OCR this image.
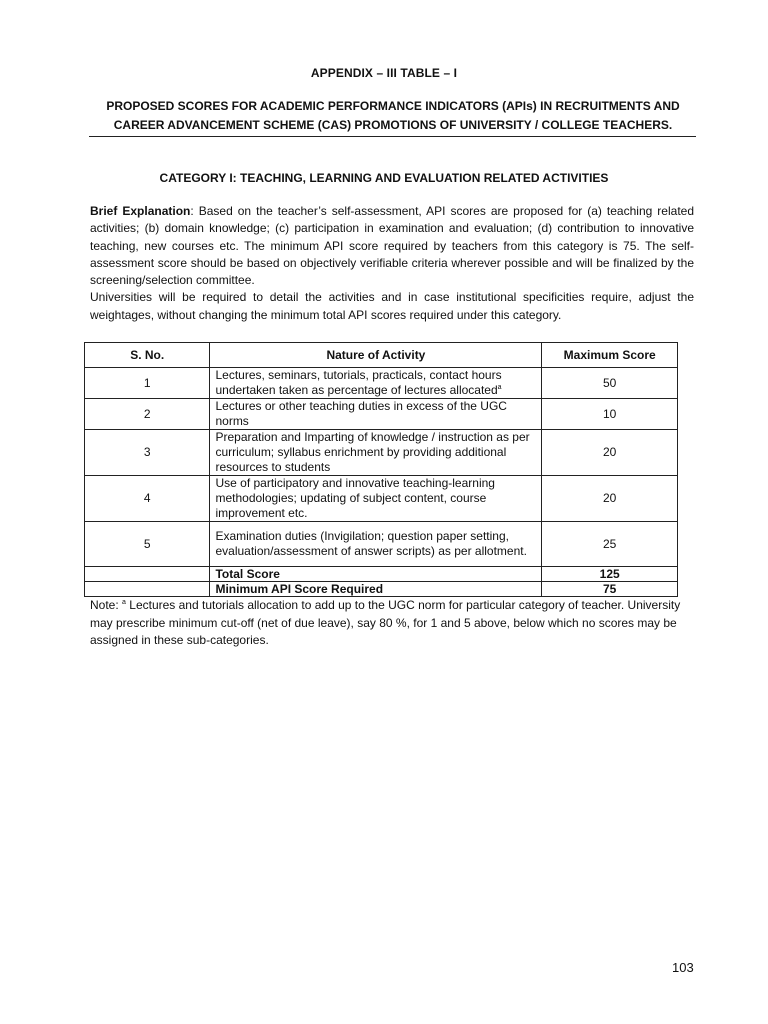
APPENDIX – III TABLE – I
PROPOSED SCORES FOR ACADEMIC PERFORMANCE INDICATORS (APIs) IN RECRUITMENTS AND
CAREER ADVANCEMENT SCHEME (CAS) PROMOTIONS OF UNIVERSITY / COLLEGE TEACHERS.
CATEGORY I: TEACHING, LEARNING AND EVALUATION RELATED ACTIVITIES

Brief Explanation: Based on the teacher’s self-assessment, API scores are proposed for (a) teaching related activities; (b) domain knowledge; (c) participation in examination and evaluation; (d) contribution to innovative teaching, new courses etc. The minimum API score required by teachers from this category is 75. The self-assessment score should be based on objectively verifiable criteria wherever possible and will be finalized by the screening/selection committee.

Universities will be required to detail the activities and in case institutional specificities require, adjust the weightages, without changing the minimum total API scores required under this category.

S. No.	Nature of Activity	Maximum Score
1	Lectures, seminars, tutorials, practicals, contact hours undertaken taken as percentage of lectures allocated$^a$	50
2	Lectures or other teaching duties in excess of the UGC norms	10
3	Preparation and Imparting of knowledge / instruction as per curriculum; syllabus enrichment by providing additional resources to students	20
4	Use of participatory and innovative teaching-learning methodologies; updating of subject content, course improvement etc.	20
5	Examination duties (Invigilation; question paper setting, evaluation/assessment of answer scripts) as per allotment.	25
	Total Score	125
	Minimum API Score Required	75
Note: $^a$ Lectures and tutorials allocation to add up to the UGC norm for particular category of teacher. University may prescribe minimum cut-off (net of due leave), say 80 %, for 1 and 5 above, below which no scores may be assigned in these sub-categories.
103
